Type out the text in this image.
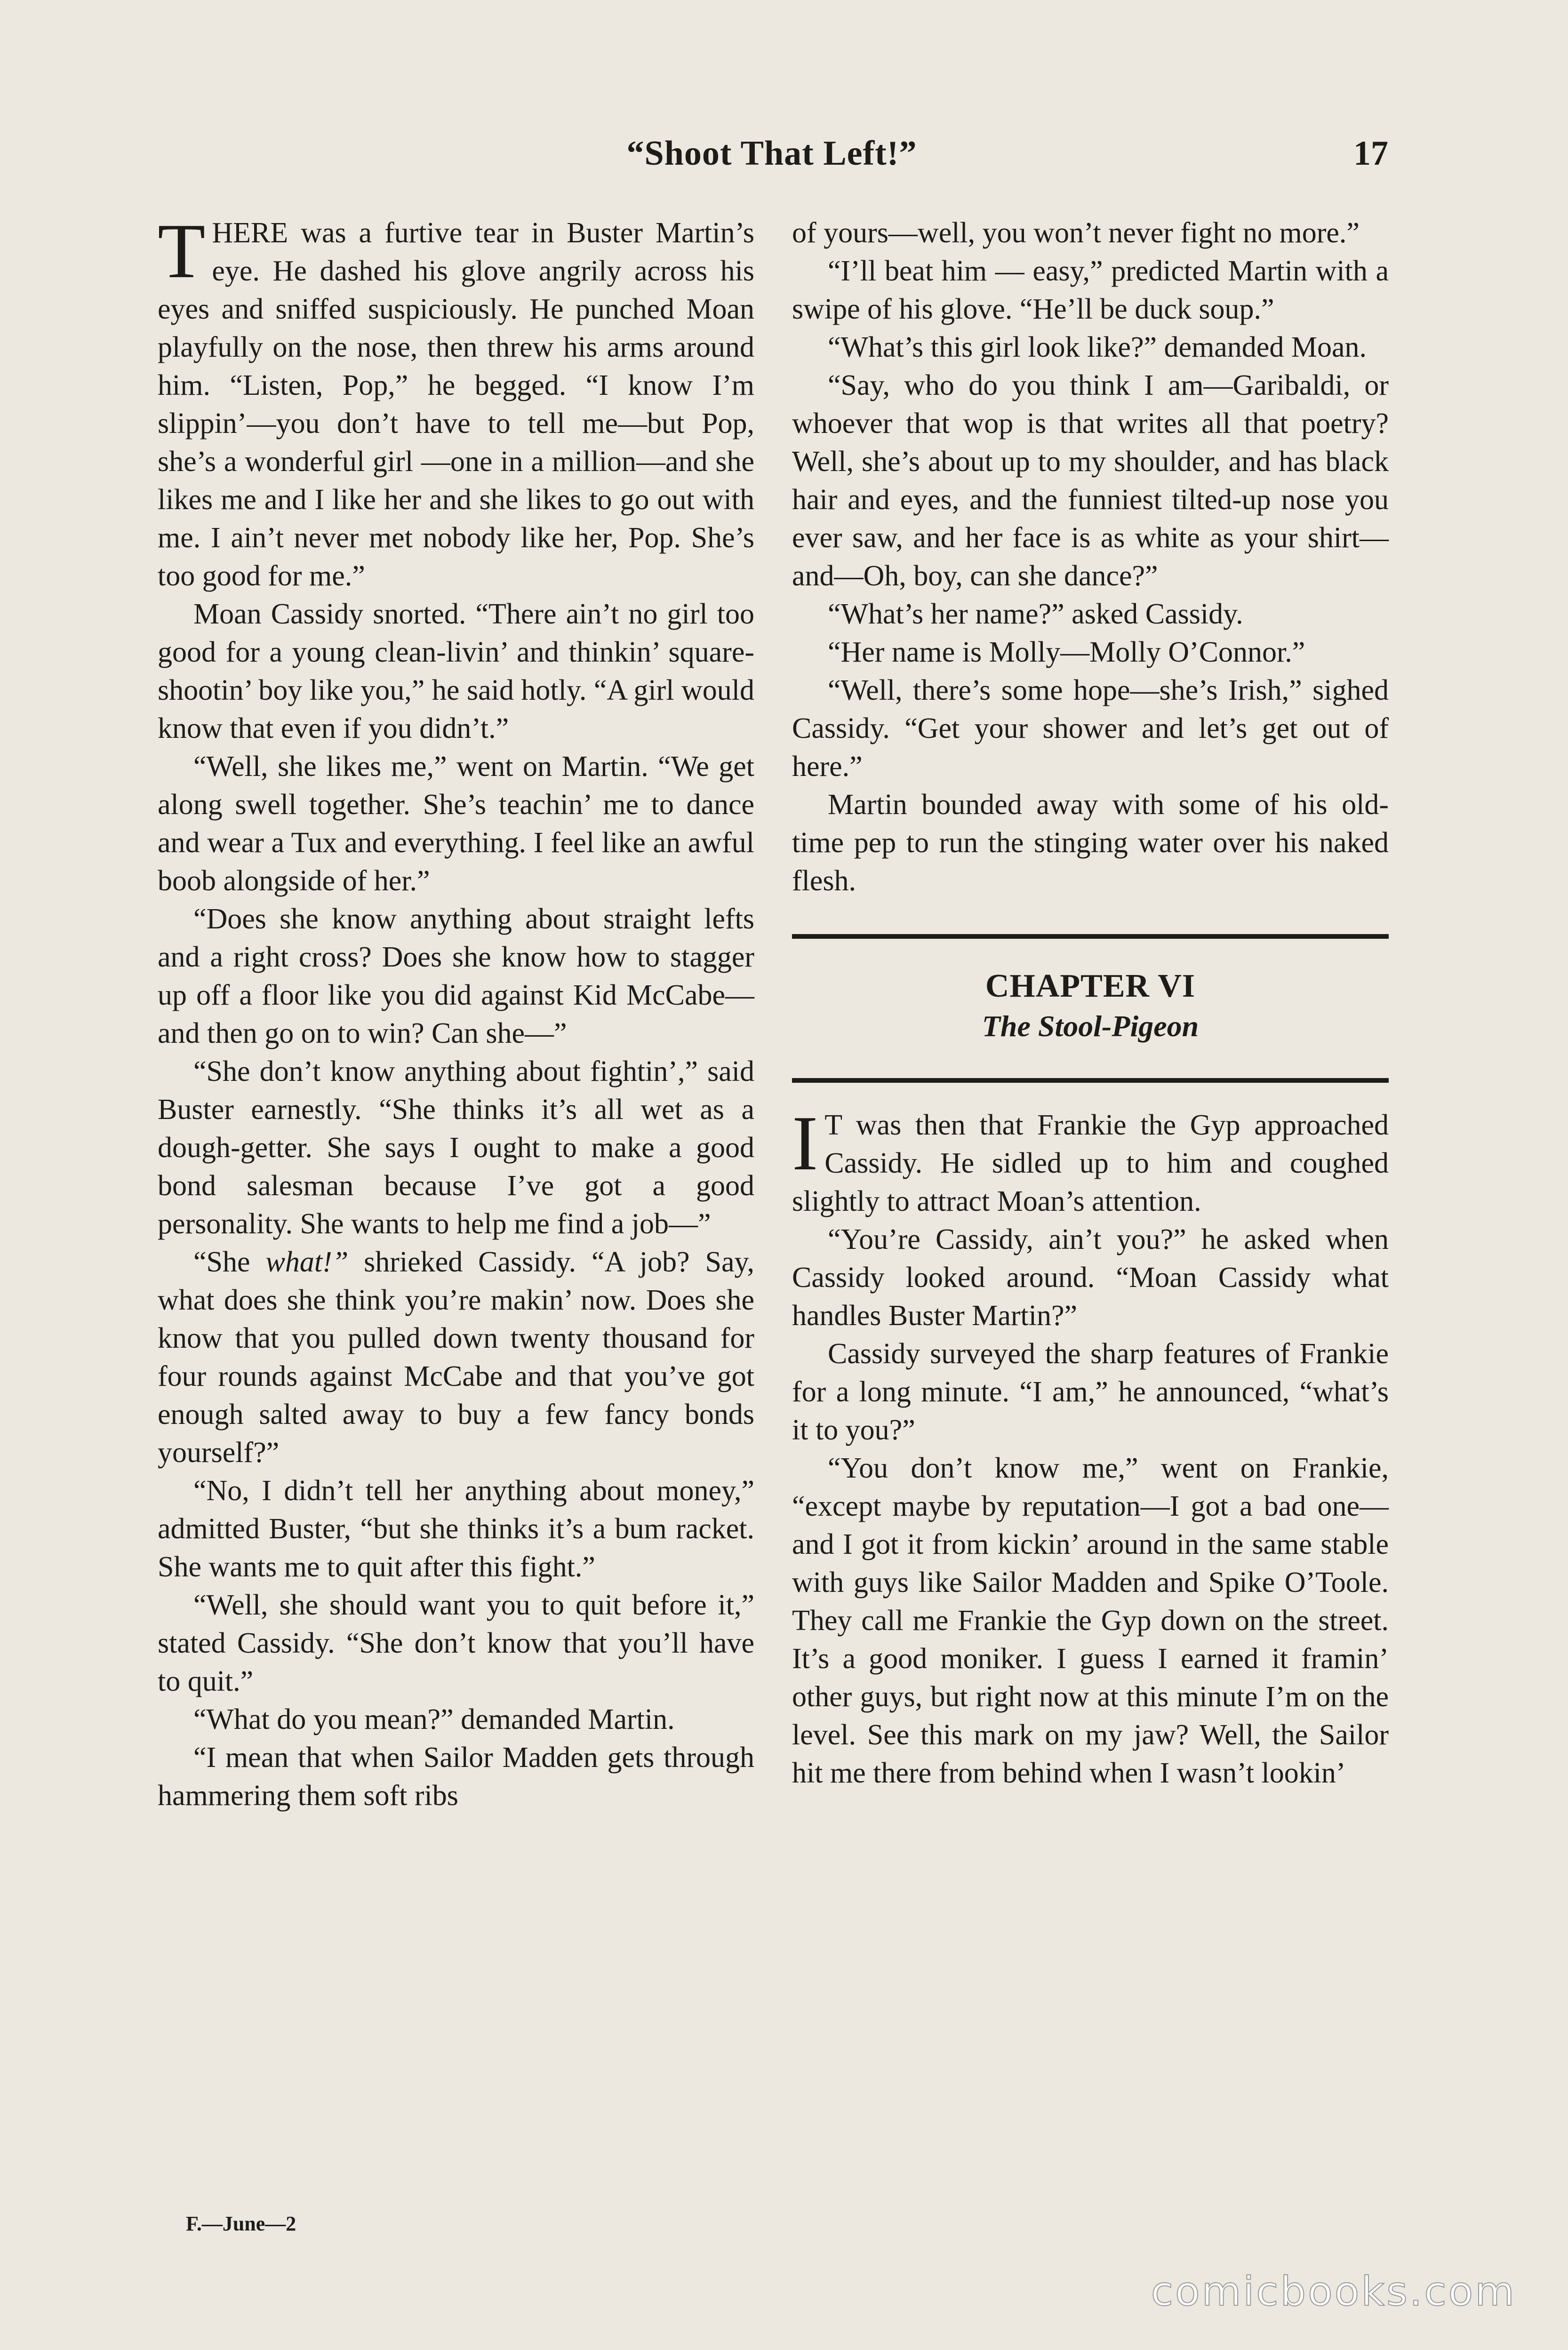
“Shoot That Left!”	17

THERE was a furtive tear in Buster Martin’s eye. He dashed his glove angrily across his eyes and sniffed suspiciously. He punched Moan playfully on the nose, then threw his arms around him. “Listen, Pop,” he begged. “I know I’m slippin’—you don’t have to tell me—but Pop, she’s a wonderful girl —one in a million—and she likes me and I like her and she likes to go out with me. I ain’t never met nobody like her, Pop. She’s too good for me.”

Moan Cassidy snorted. “There ain’t no girl too good for a young clean-livin’ and thinkin’ square-shootin’ boy like you,” he said hotly. “A girl would know that even if you didn’t.”

“Well, she likes me,” went on Martin. “We get along swell together. She’s teachin’ me to dance and wear a Tux and everything. I feel like an awful boob alongside of her.”

“Does she know anything about straight lefts and a right cross? Does she know how to stagger up off a floor like you did against Kid McCabe—and then go on to win? Can she—”

“She don’t know anything about fightin’,” said Buster earnestly. “She thinks it’s all wet as a dough-getter. She says I ought to make a good bond salesman because I’ve got a good personality. She wants to help me find a job—”

“She what!” shrieked Cassidy. “A job? Say, what does she think you’re makin’ now. Does she know that you pulled down twenty thousand for four rounds against McCabe and that you’ve got enough salted away to buy a few fancy bonds yourself?”

“No, I didn’t tell her anything about money,” admitted Buster, “but she thinks it’s a bum racket. She wants me to quit after this fight.”

“Well, she should want you to quit before it,” stated Cassidy. “She don’t know that you’ll have to quit.”

“What do you mean?” demanded Martin.

“I mean that when Sailor Madden gets through hammering them soft ribs

of yours—well, you won’t never fight no more.”

“I’ll beat him — easy,” predicted Martin with a swipe of his glove. “He’ll be duck soup.”

“What’s this girl look like?” demanded Moan.

“Say, who do you think I am—Garibaldi, or whoever that wop is that writes all that poetry? Well, she’s about up to my shoulder, and has black hair and eyes, and the funniest tilted-up nose you ever saw, and her face is as white as your shirt—and—Oh, boy, can she dance?”

“What’s her name?” asked Cassidy.

“Her name is Molly—Molly O’Connor.”

“Well, there’s some hope—she’s Irish,” sighed Cassidy. “Get your shower and let’s get out of here.”

Martin bounded away with some of his old-time pep to run the stinging water over his naked flesh.

CHAPTER VI
The Stool-Pigeon

I T was then that Frankie the Gyp approached Cassidy. He sidled up to him and coughed slightly to attract Moan’s attention.

“You’re Cassidy, ain’t you?” he asked when Cassidy looked around. “Moan Cassidy what handles Buster Martin?”

Cassidy surveyed the sharp features of Frankie for a long minute. “I am,” he announced, “what’s it to you?”

“You don’t know me,” went on Frankie, “except maybe by reputation—I got a bad one—and I got it from kickin’ around in the same stable with guys like Sailor Madden and Spike O’Toole. They call me Frankie the Gyp down on the street. It’s a good moniker. I guess I earned it framin’ other guys, but right now at this minute I’m on the level. See this mark on my jaw? Well, the Sailor hit me there from behind when I wasn’t lookin’

F.—June—2
comicbooks.com
